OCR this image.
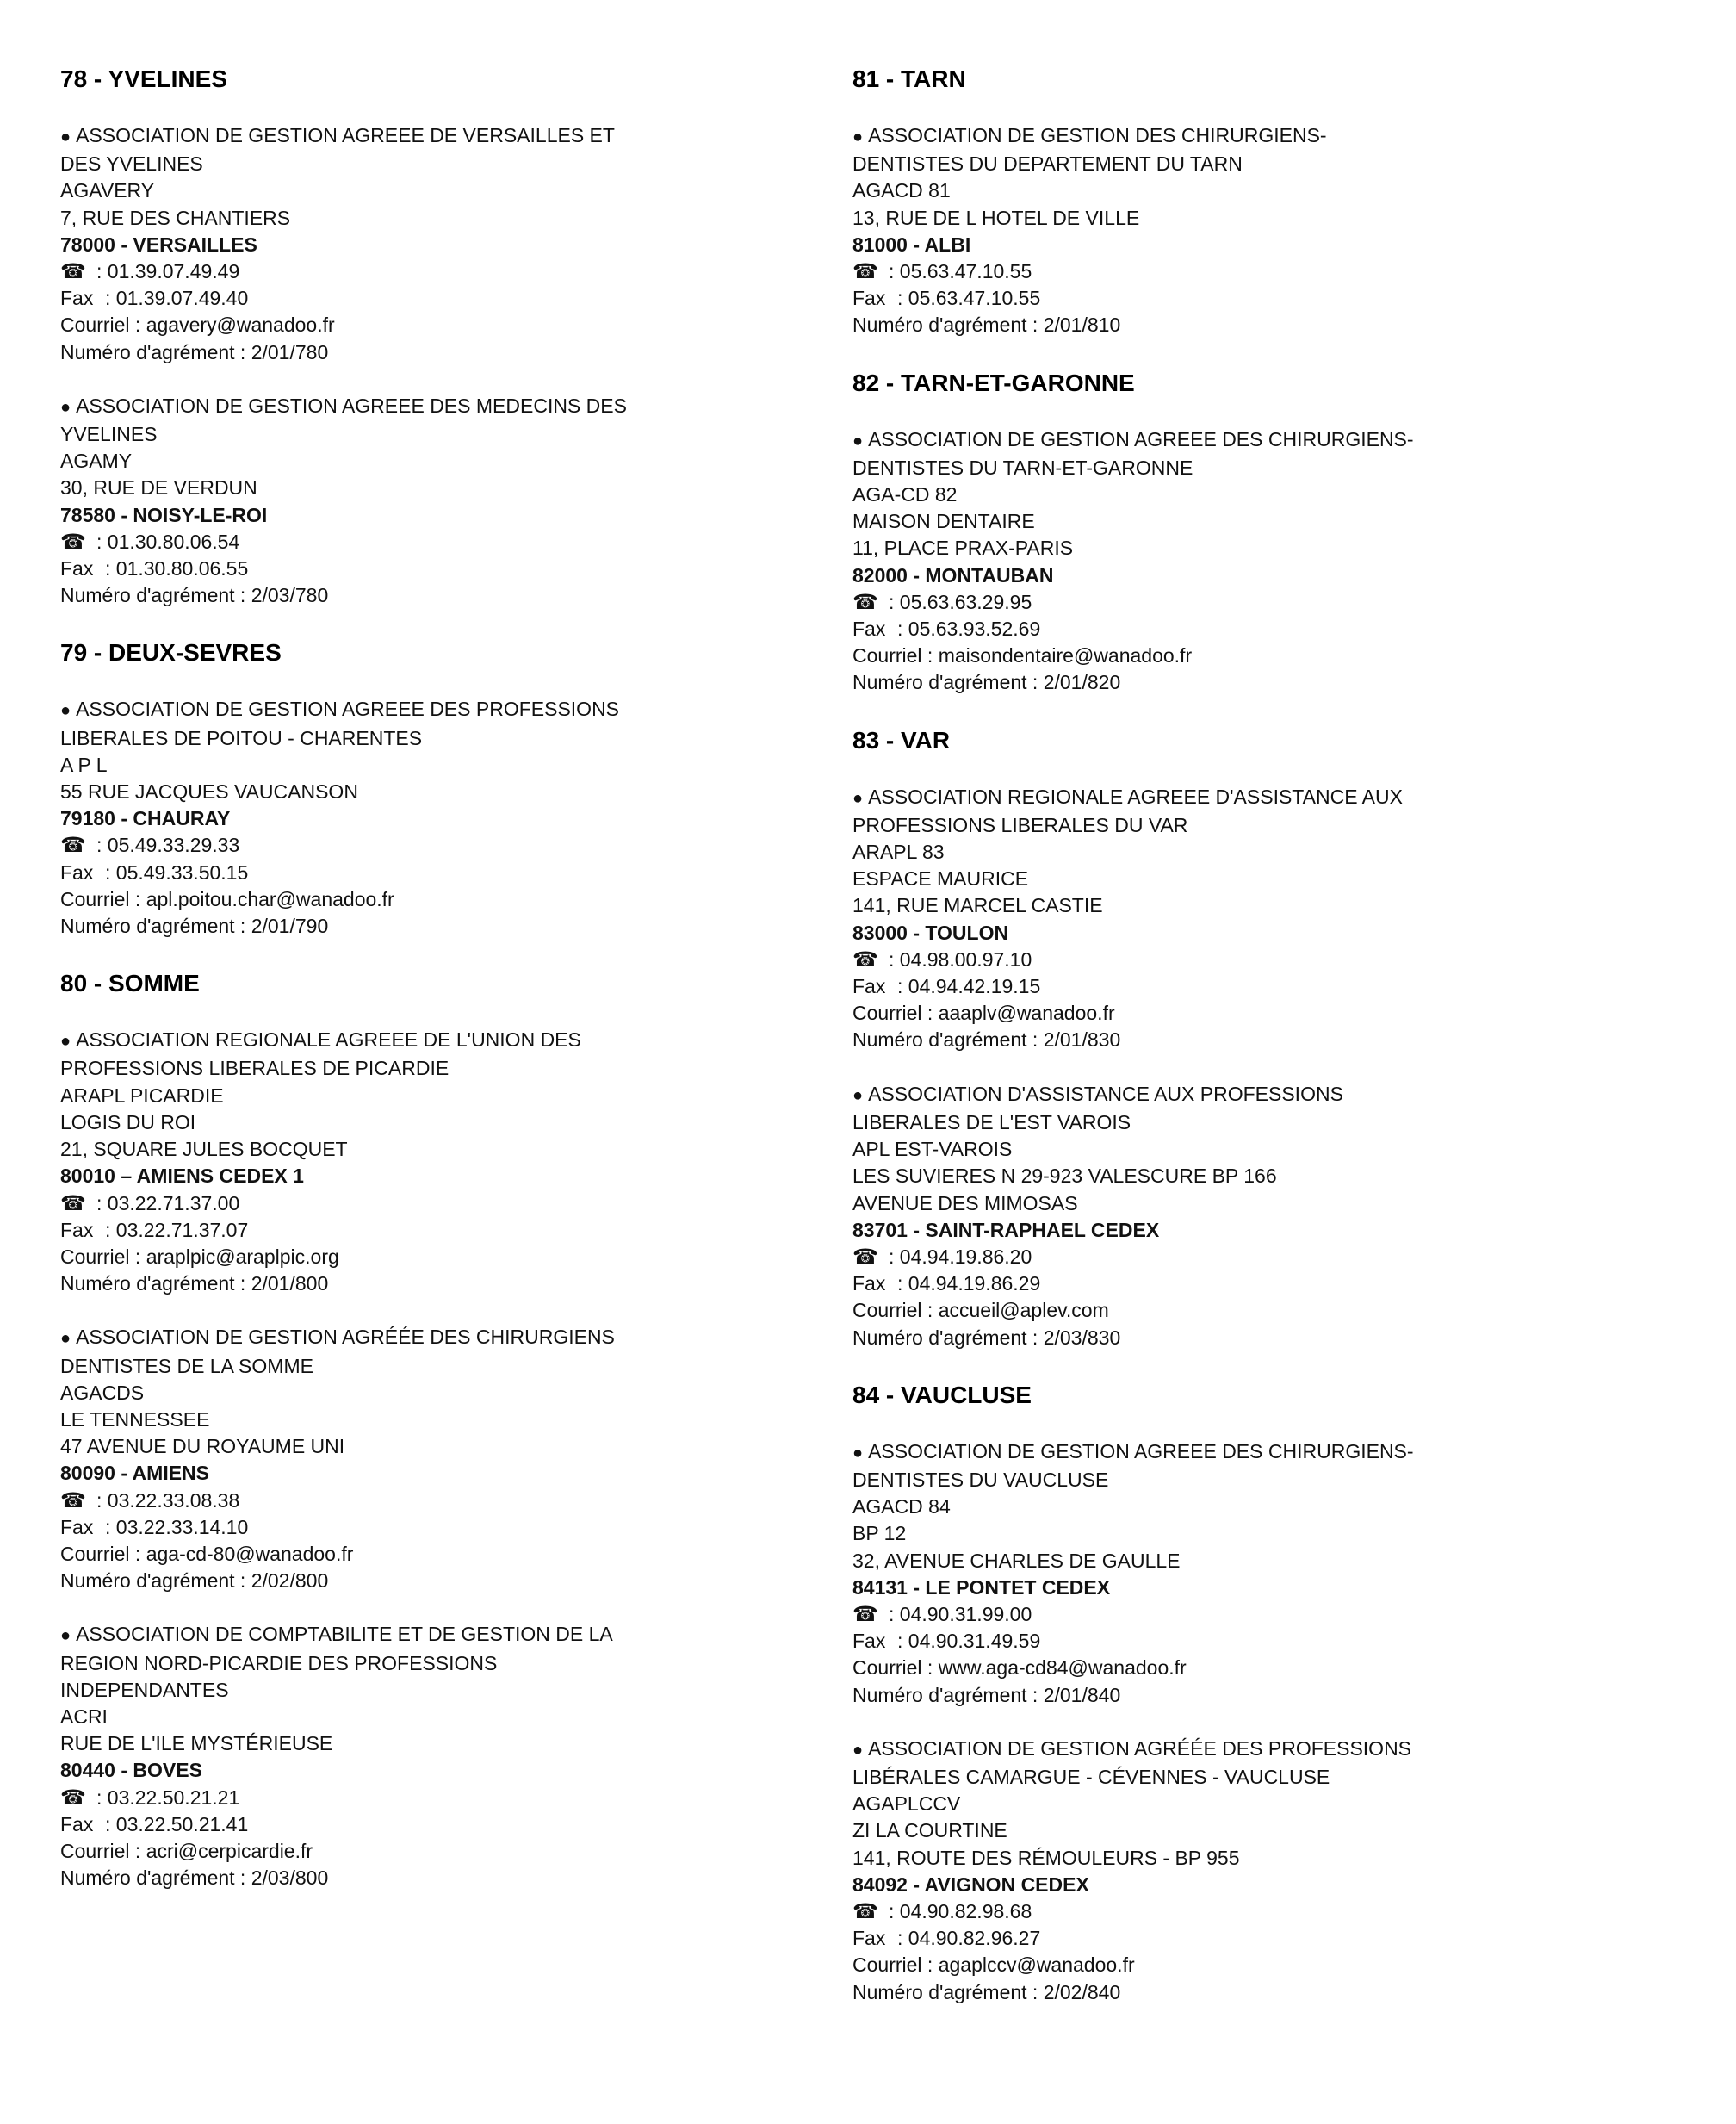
78 - YVELINES
● ASSOCIATION DE GESTION AGREEE DE VERSAILLES ET
DES YVELINES
AGAVERY
7, RUE DES CHANTIERS
78000 - VERSAILLES
☎ : 01.39.07.49.49
Fax : 01.39.07.49.40
Courriel : agavery@wanadoo.fr
Numéro d'agrément : 2/01/780
● ASSOCIATION DE GESTION AGREEE DES MEDECINS DES
YVELINES
AGAMY
30, RUE DE VERDUN
78580 - NOISY-LE-ROI
☎ : 01.30.80.06.54
Fax : 01.30.80.06.55
Numéro d'agrément : 2/03/780
79 - DEUX-SEVRES
● ASSOCIATION DE GESTION AGREEE DES PROFESSIONS
LIBERALES DE POITOU - CHARENTES
A P L
55 RUE JACQUES VAUCANSON
79180 - CHAURAY
☎ : 05.49.33.29.33
Fax : 05.49.33.50.15
Courriel : apl.poitou.char@wanadoo.fr
Numéro d'agrément : 2/01/790
80 - SOMME
● ASSOCIATION REGIONALE AGREEE DE L'UNION DES
PROFESSIONS LIBERALES DE PICARDIE
ARAPL PICARDIE
LOGIS DU ROI
21, SQUARE JULES BOCQUET
80010 – AMIENS CEDEX 1
☎ : 03.22.71.37.00
Fax : 03.22.71.37.07
Courriel : araplpic@araplpic.org
Numéro d'agrément : 2/01/800
● ASSOCIATION DE GESTION AGRÉÉE DES CHIRURGIENS
DENTISTES DE LA SOMME
AGACDS
LE TENNESSEE
47 AVENUE DU ROYAUME UNI
80090 - AMIENS
☎ : 03.22.33.08.38
Fax : 03.22.33.14.10
Courriel : aga-cd-80@wanadoo.fr
Numéro d'agrément : 2/02/800
● ASSOCIATION DE COMPTABILITE ET DE GESTION DE LA
REGION NORD-PICARDIE DES PROFESSIONS
INDEPENDANTES
ACRI
RUE DE L'ILE MYSTÉRIEUSE
80440 - BOVES
☎ : 03.22.50.21.21
Fax : 03.22.50.21.41
Courriel : acri@cerpicardie.fr
Numéro d'agrément : 2/03/800
81 - TARN
● ASSOCIATION DE GESTION DES CHIRURGIENS-
DENTISTES DU DEPARTEMENT DU TARN
AGACD 81
13, RUE DE L HOTEL DE VILLE
81000 - ALBI
☎ : 05.63.47.10.55
Fax : 05.63.47.10.55
Numéro d'agrément : 2/01/810
82 - TARN-ET-GARONNE
● ASSOCIATION DE GESTION AGREEE DES CHIRURGIENS-
DENTISTES DU TARN-ET-GARONNE
AGA-CD 82
MAISON DENTAIRE
11, PLACE PRAX-PARIS
82000 - MONTAUBAN
☎ : 05.63.63.29.95
Fax : 05.63.93.52.69
Courriel : maisondentaire@wanadoo.fr
Numéro d'agrément : 2/01/820
83 - VAR
● ASSOCIATION REGIONALE AGREEE D'ASSISTANCE AUX
PROFESSIONS LIBERALES DU VAR
ARAPL 83
ESPACE MAURICE
141, RUE MARCEL CASTIE
83000 - TOULON
☎ : 04.98.00.97.10
Fax : 04.94.42.19.15
Courriel : aaaplv@wanadoo.fr
Numéro d'agrément : 2/01/830
● ASSOCIATION D'ASSISTANCE AUX PROFESSIONS
LIBERALES DE L'EST VAROIS
APL EST-VAROIS
LES SUVIERES N 29-923 VALESCURE BP 166
AVENUE DES MIMOSAS
83701 - SAINT-RAPHAEL CEDEX
☎ : 04.94.19.86.20
Fax : 04.94.19.86.29
Courriel : accueil@aplev.com
Numéro d'agrément : 2/03/830
84 - VAUCLUSE
● ASSOCIATION DE GESTION AGREEE DES CHIRURGIENS-
DENTISTES DU VAUCLUSE
AGACD 84
BP 12
32, AVENUE CHARLES DE GAULLE
84131 - LE PONTET CEDEX
☎ : 04.90.31.99.00
Fax : 04.90.31.49.59
Courriel : www.aga-cd84@wanadoo.fr
Numéro d'agrément : 2/01/840
● ASSOCIATION DE GESTION AGRÉÉE DES PROFESSIONS
LIBÉRALES CAMARGUE - CÉVENNES - VAUCLUSE
AGAPLCCV
ZI LA COURTINE
141, ROUTE DES RÉMOULEURS - BP 955
84092 - AVIGNON CEDEX
☎ : 04.90.82.98.68
Fax : 04.90.82.96.27
Courriel : agaplccv@wanadoo.fr
Numéro d'agrément : 2/02/840
